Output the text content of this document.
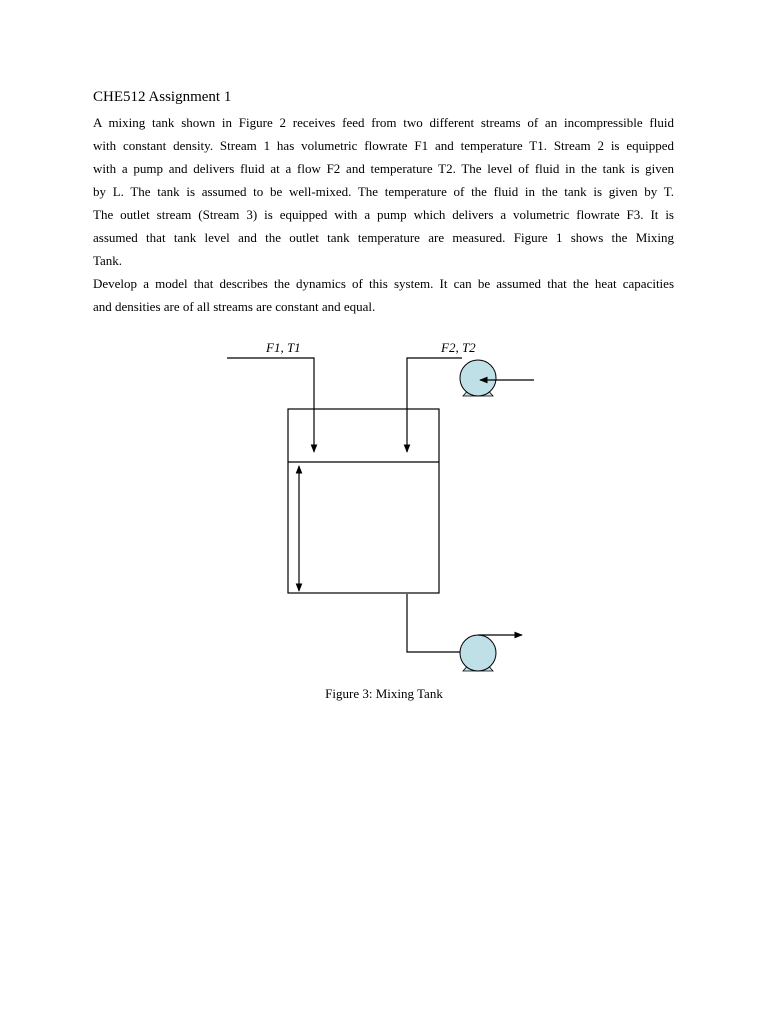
CHE512 Assignment 1
A mixing tank shown in Figure 2 receives feed from two different streams of an incompressible fluid
with constant density. Stream 1 has volumetric flowrate F1 and temperature T1. Stream 2 is equipped
with a pump and delivers fluid at a flow F2 and temperature T2. The level of fluid in the tank is given
by L. The tank is assumed to be well-mixed. The temperature of the fluid in the tank is given by T.
The outlet stream (Stream 3) is equipped with a pump which delivers a volumetric flowrate F3. It is
assumed that tank level and the outlet tank temperature are measured. Figure 1 shows the Mixing
Tank.
Develop a model that describes the dynamics of this system. It can be assumed that the heat capacities
and densities are of all streams are constant and equal.
F1, T1	F2, T2
Figure 3: Mixing Tank
